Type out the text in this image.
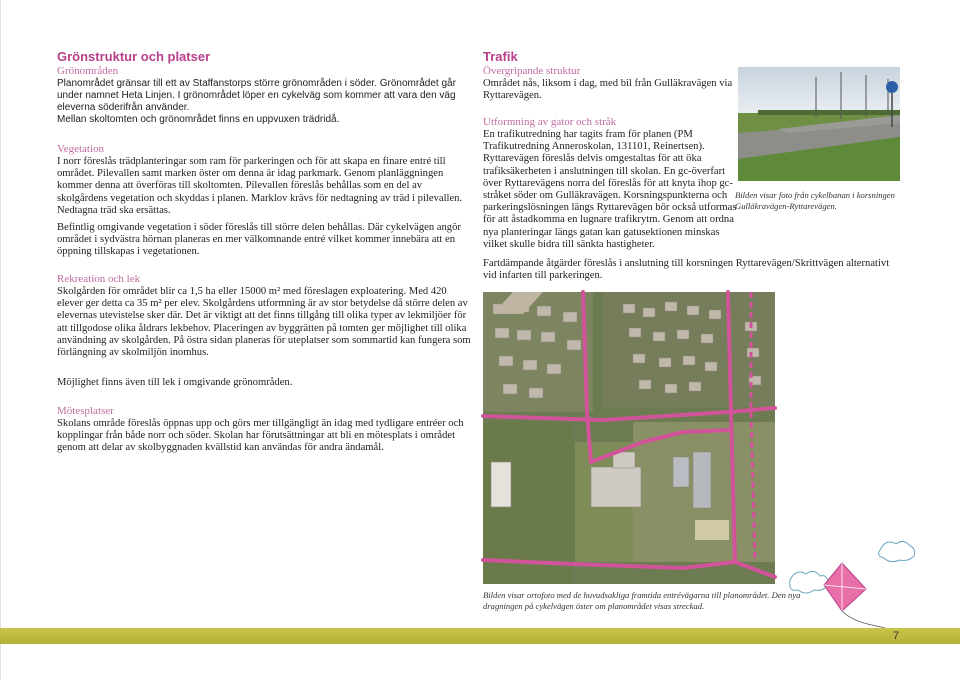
Grönstruktur och platser

Grönområden

Planområdet gränsar till ett av Staffanstorps större grönområden i söder. Grönområdet går under namnet Heta Linjen. I grönområdet löper en cykelväg som kommer att vara den väg eleverna söderifrån använder.

Mellan skoltomten och grönområdet finns en uppvuxen trädridå.

Vegetation

I norr föreslås trädplanteringar som ram för parkeringen och för att skapa en finare entré till området. Pilevallen samt marken öster om denna är idag parkmark. Genom planläggningen kommer denna att överföras till skoltomten. Pilevallen föreslås behållas som en del av skolgårdens vegetation och skyddas i planen. Marklov krävs för nedtagning av träd i pilevallen. Nedtagna träd ska ersättas.

Befintlig omgivande vegetation i söder föreslås till större delen behållas. Där cykelvägen angör området i sydvästra hörnan planeras en mer välkomnande entré vilket kommer innebära att en öppning tillskapas i vegetationen.

Rekreation och lek

Skolgården för området blir ca 1,5 ha eller 15000 m² med föreslagen exploatering. Med 420 elever ger detta ca 35 m² per elev. Skolgårdens utformning är av stor betydelse då större delen av elevernas utevistelse sker där. Det är viktigt att det finns tillgång till olika typer av lekmiljöer för att tillgodose olika åldrars lekbehov. Placeringen av byggrätten på tomten ger möjlighet till olika användning av skolgården. På östra sidan planeras för uteplatser som sommartid kan fungera som förlängning av skolmiljön inomhus.

Möjlighet finns även till lek i omgivande grönområden.

Mötesplatser

Skolans område föreslås öppnas upp och görs mer tillgängligt än idag med tydligare entréer och kopplingar från både norr och söder. Skolan har förutsättningar att bli en mötesplats i området genom att delar av skolbyggnaden kvällstid kan användas för andra ändamål.

Trafik

Övergripande struktur

Området nås, liksom i dag, med bil från Gulläkravägen via Ryttarevägen.

Utformning av gator och stråk

En trafikutredning har tagits fram för planen (PM Trafikutredning Anneroskolan, 131101, Reinertsen). Ryttarevägen föreslås delvis omgestaltas för att öka trafiksäkerheten i anslutningen till skolan. En gc-överfart över Ryttarevägens norra del föreslås för att knyta ihop gc-stråket söder om Gulläkravägen. Korsningspunkterna och parkeringslösningen längs Ryttarevägen bör också utformas för att åstadkomma en lugnare trafikrytm. Genom att ordna nya planteringar längs gatan kan gatusektionen minskas vilket skulle bidra till sänkta hastigheter.

Fartdämpande åtgärder föreslås i anslutning till korsningen Ryttarevägen/Skrittvägen alternativt vid infarten till parkeringen.

Bilden visar foto från cykelbanan i korsningen Gulläkravägen-Ryttarevägen.

Bilden visar ortofoto med de huvudsakliga framtida entrévägarna till planområdet. Den nya dragningen på cykelvägen öster om planområdet visas streckad.

7
